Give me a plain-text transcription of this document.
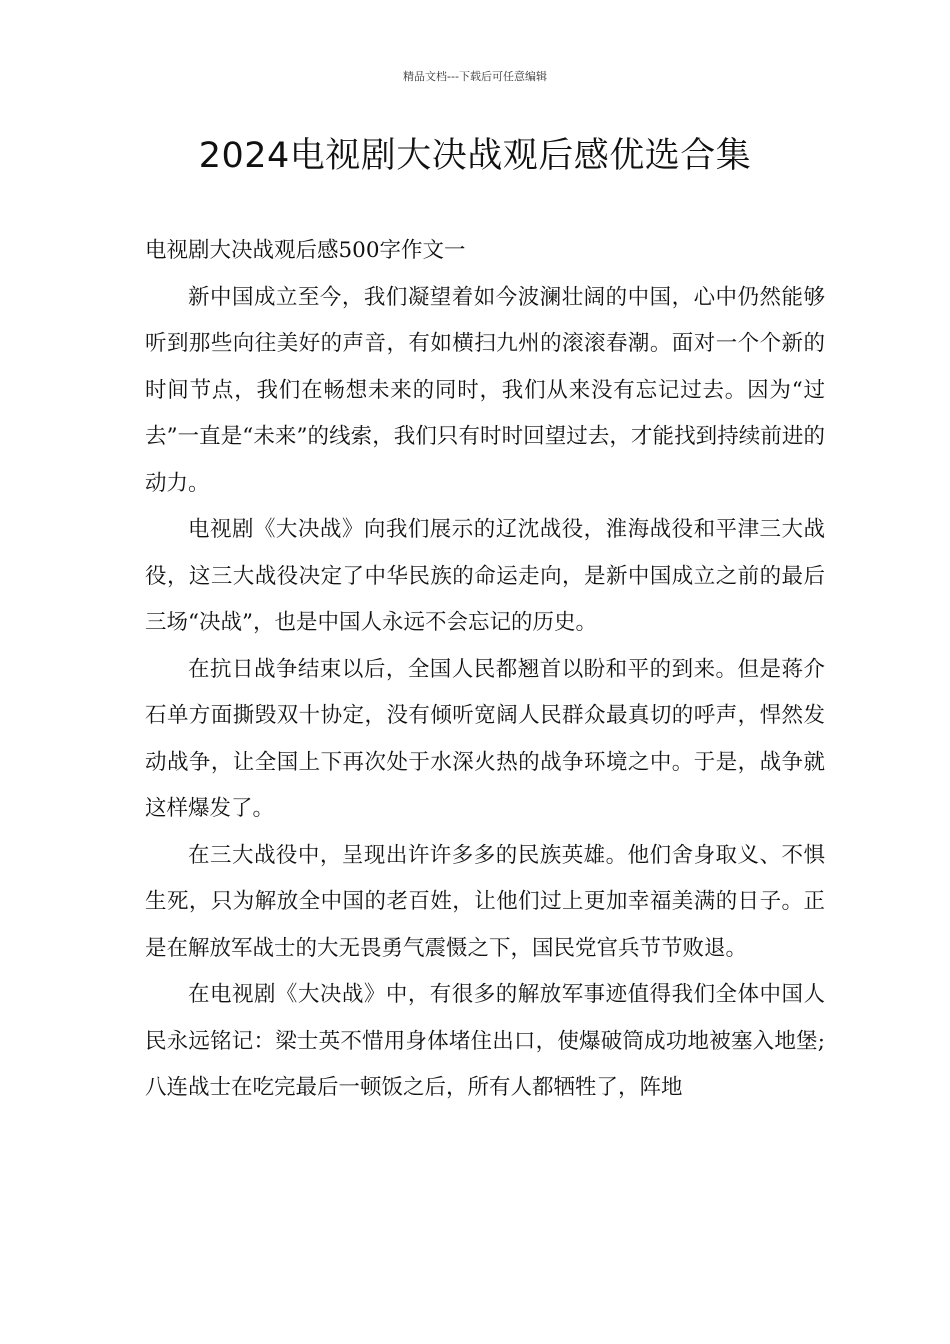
精品文档---下载后可任意编辑
2024电视剧大决战观后感优选合集

电视剧大决战观后感500字作文一

新中国成立至今，我们凝望着如今波澜壮阔的中国，心中仍然能够听到那些向往美好的声音，有如横扫九州的滚滚春潮。面对一个个新的时间节点，我们在畅想未来的同时，我们从来没有忘记过去。因为“过去”一直是“未来”的线索，我们只有时时回望过去，才能找到持续前进的动力。

电视剧《大决战》向我们展示的辽沈战役，淮海战役和平津三大战役，这三大战役决定了中华民族的命运走向，是新中国成立之前的最后三场“决战”，也是中国人永远不会忘记的历史。

在抗日战争结束以后，全国人民都翘首以盼和平的到来。但是蒋介石单方面撕毁双十协定，没有倾听宽阔人民群众最真切的呼声，悍然发动战争，让全国上下再次处于水深火热的战争环境之中。于是，战争就这样爆发了。

在三大战役中，呈现出许许多多的民族英雄。他们舍身取义、不惧生死，只为解放全中国的老百姓，让他们过上更加幸福美满的日子。正是在解放军战士的大无畏勇气震慑之下，国民党官兵节节败退。

在电视剧《大决战》中，有很多的解放军事迹值得我们全体中国人民永远铭记：梁士英不惜用身体堵住出口，使爆破筒成功地被塞入地堡;八连战士在吃完最后一顿饭之后，所有人都牺牲了，阵地
